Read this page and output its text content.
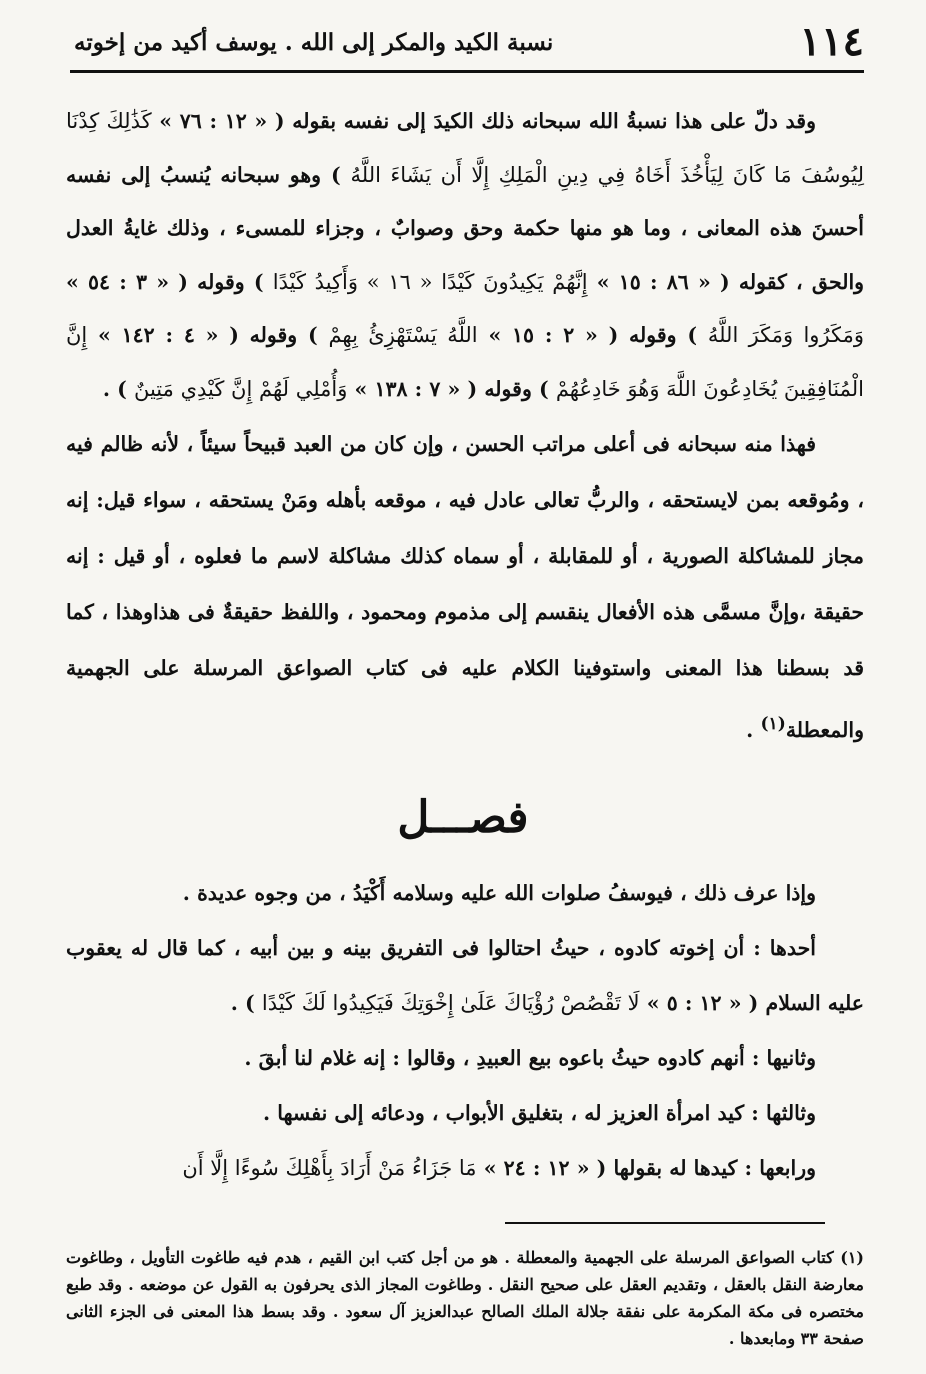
١١٤
نسبة الكيد والمكر إلى الله . يوسف أكيد من إخوته

وقد دلّ على هذا نسبةُ الله سبحانه ذلك الكيدَ إلى نفسه بقوله ( « ١٢ : ٧٦ » كَذَٰلِكَ كِدْنَا لِيُوسُفَ مَا كَانَ لِيَأْخُذَ أَخَاهُ فِي دِينِ الْمَلِكِ إِلَّا أَن يَشَاءَ اللَّهُ ) وهو سبحانه يُنسبُ إلى نفسه أحسنَ هذه المعانى ، وما هو منها حكمة وحق وصوابٌ ، وجزاء للمسىء ، وذلك غايةُ العدل والحق ، كقوله ( « ٨٦ : ١٥ » إِنَّهُمْ يَكِيدُونَ كَيْدًا « ١٦ » وَأَكِيدُ كَيْدًا ) وقوله ( « ٣ : ٥٤ » وَمَكَرُوا وَمَكَرَ اللَّهُ ) وقوله ( « ٢ : ١٥ » اللَّهُ يَسْتَهْزِئُ بِهِمْ ) وقوله ( « ٤ : ١٤٢ » إِنَّ الْمُنَافِقِينَ يُخَادِعُونَ اللَّهَ وَهُوَ خَادِعُهُمْ ) وقوله ( « ٧ : ١٣٨ » وَأُمْلِي لَهُمْ إِنَّ كَيْدِي مَتِينٌ ) .

فهذا منه سبحانه فى أعلى مراتب الحسن ، وإن كان من العبد قبيحاً سيئاً ، لأنه ظالم فيه ، ومُوقعه بمن لايستحقه ، والربُّ تعالى عادل فيه ، موقعه بأهله ومَنْ يستحقه ، سواء قيل: إنه مجاز للمشاكلة الصورية ، أو للمقابلة ، أو سماه كذلك مشاكلة لاسم ما فعلوه ، أو قيل : إنه حقيقة ،وإنَّ مسمَّى هذه الأفعال ينقسم إلى مذموم ومحمود ، واللفظ حقيقةٌ فى هذاوهذا ، كما قد بسطنا هذا المعنى واستوفينا الكلام عليه فى كتاب الصواعق المرسلة على الجهمية والمعطلة$^{(١)}$ .

فصـــل

وإذا عرف ذلك ، فيوسفُ صلوات الله عليه وسلامه أَكْيَدُ ، من وجوه عديدة .

أحدها : أن إخوته كادوه ، حيثُ احتالوا فى التفريق بينه و بين أبيه ، كما قال له يعقوب عليه السلام ( « ١٢ : ٥ » لَا تَقْصُصْ رُؤْيَاكَ عَلَىٰ إِخْوَتِكَ فَيَكِيدُوا لَكَ كَيْدًا ) .

وثانيها : أنهم كادوه حيثُ باعوه بيع العبيدِ ، وقالوا : إنه غلام لنا أبقَ .

وثالثها : كيد امرأة العزيز له ، بتغليق الأبواب ، ودعائه إلى نفسها .

ورابعها : كيدها له بقولها ( « ١٢ : ٢٤ » مَا جَزَاءُ مَنْ أَرَادَ بِأَهْلِكَ سُوءًا إِلَّا أَن

(١) كتاب الصواعق المرسلة على الجهمية والمعطلة . هو من أجل كتب ابن القيم ، هدم فيه طاغوت التأويل ، وطاغوت معارضة النقل بالعقل ، وتقديم العقل على صحيح النقل . وطاغوت المجاز الذى يحرفون به القول عن موضعه . وقد طبع مختصره فى مكة المكرمة على نفقة جلالة الملك الصالح عبدالعزيز آل سعود . وقد بسط هذا المعنى فى الجزء الثانى صفحة ٣٣ ومابعدها .
